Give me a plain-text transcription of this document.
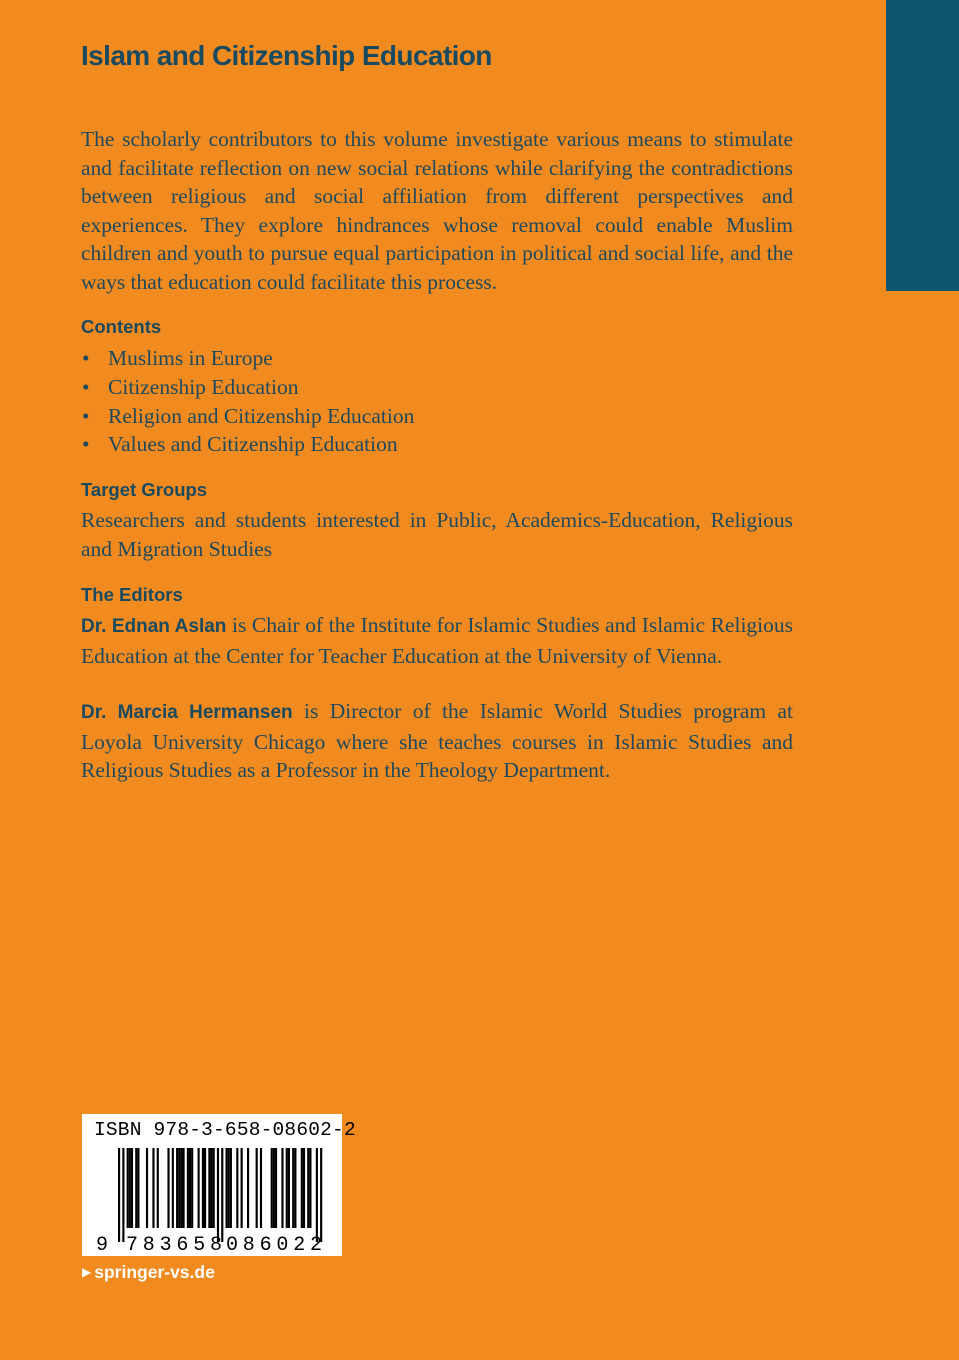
Islam and Citizenship Education
The scholarly contributors to this volume investigate various means to stimulate and facilitate reflection on new social relations while clarifying the contradictions between religious and social affiliation from different perspectives and experiences. They explore hindrances whose removal could enable Muslim children and youth to pursue equal participation in political and social life, and the ways that education could facilitate this process.
Contents
• Muslims in Europe
• Citizenship Education
• Religion and Citizenship Education
• Values and Citizenship Education
Target Groups
Researchers and students interested in Public, Academics-Education, Religious and Migration Studies
The Editors
Dr. Ednan Aslan is Chair of the Institute for Islamic Studies and Islamic Religious Education at the Center for Teacher Education at the University of Vienna.
Dr. Marcia Hermansen is Director of the Islamic World Studies program at Loyola University Chicago where she teaches courses in Islamic Studies and Religious Studies as a Professor in the Theology Department.
ISBN 978-3-658-08602-2
9 783658 086022
▶ springer-vs.de
